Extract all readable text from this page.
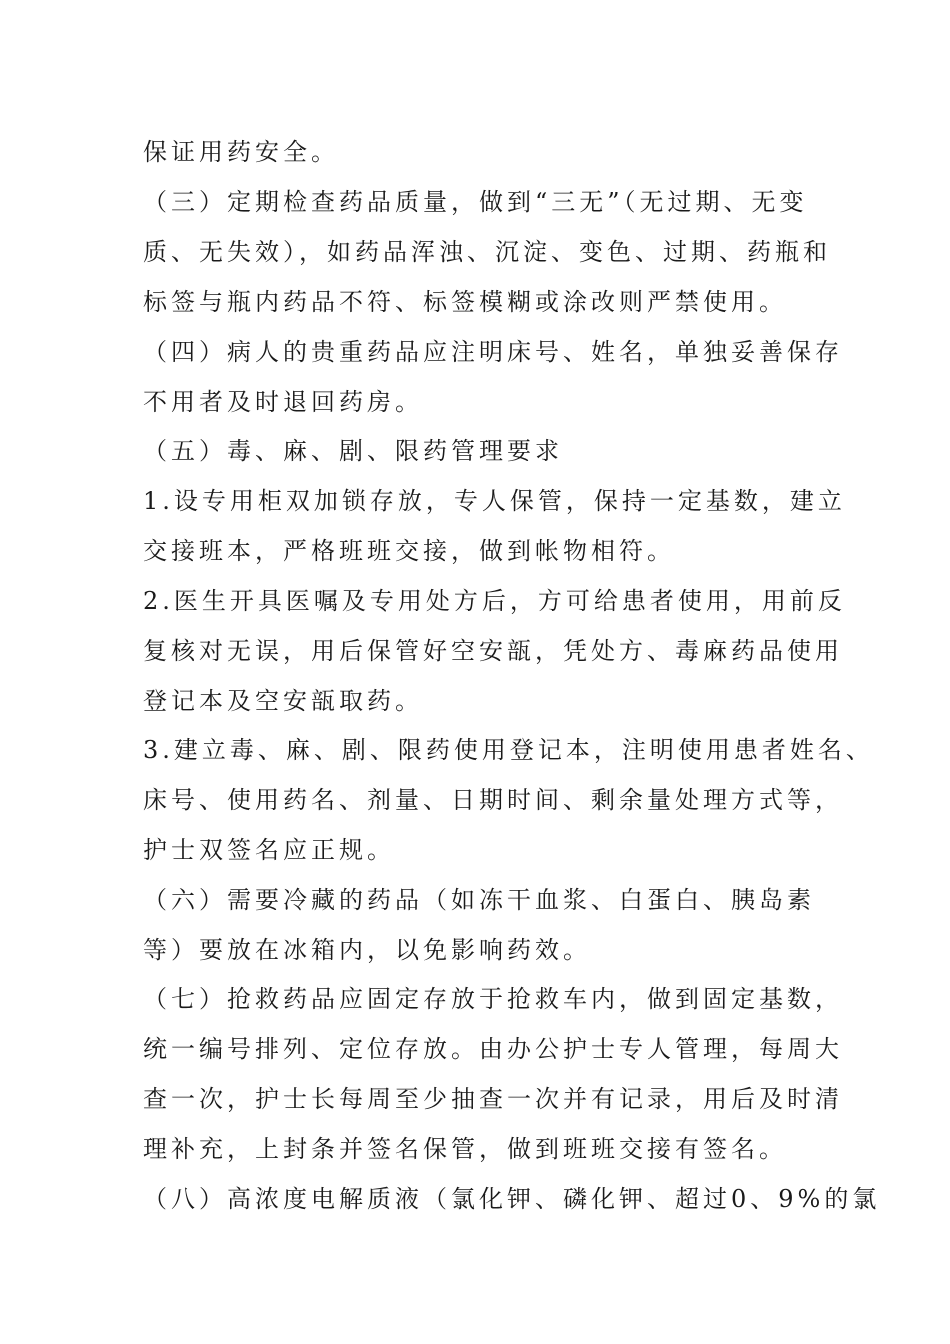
保证用药安全。
（三）定期检查药品质量，做到“三无”（无过期、无变
质、无失效），如药品浑浊、沉淀、变色、过期、药瓶和
标签与瓶内药品不符、标签模糊或涂改则严禁使用。
（四）病人的贵重药品应注明床号、姓名，单独妥善保存
不用者及时退回药房。
（五）毒、麻、剧、限药管理要求
1.设专用柜双加锁存放，专人保管，保持一定基数，建立
交接班本，严格班班交接，做到帐物相符。
2.医生开具医嘱及专用处方后，方可给患者使用，用前反
复核对无误，用后保管好空安瓿，凭处方、毒麻药品使用
登记本及空安瓿取药。
3.建立毒、麻、剧、限药使用登记本，注明使用患者姓名、
床号、使用药名、剂量、日期时间、剩余量处理方式等，
护士双签名应正规。
（六）需要冷藏的药品（如冻干血浆、白蛋白、胰岛素
等）要放在冰箱内，以免影响药效。
（七）抢救药品应固定存放于抢救车内，做到固定基数，
统一编号排列、定位存放。由办公护士专人管理，每周大
查一次，护士长每周至少抽查一次并有记录，用后及时清
理补充，上封条并签名保管，做到班班交接有签名。
（八）高浓度电解质液（氯化钾、磷化钾、超过0、9%的氯
